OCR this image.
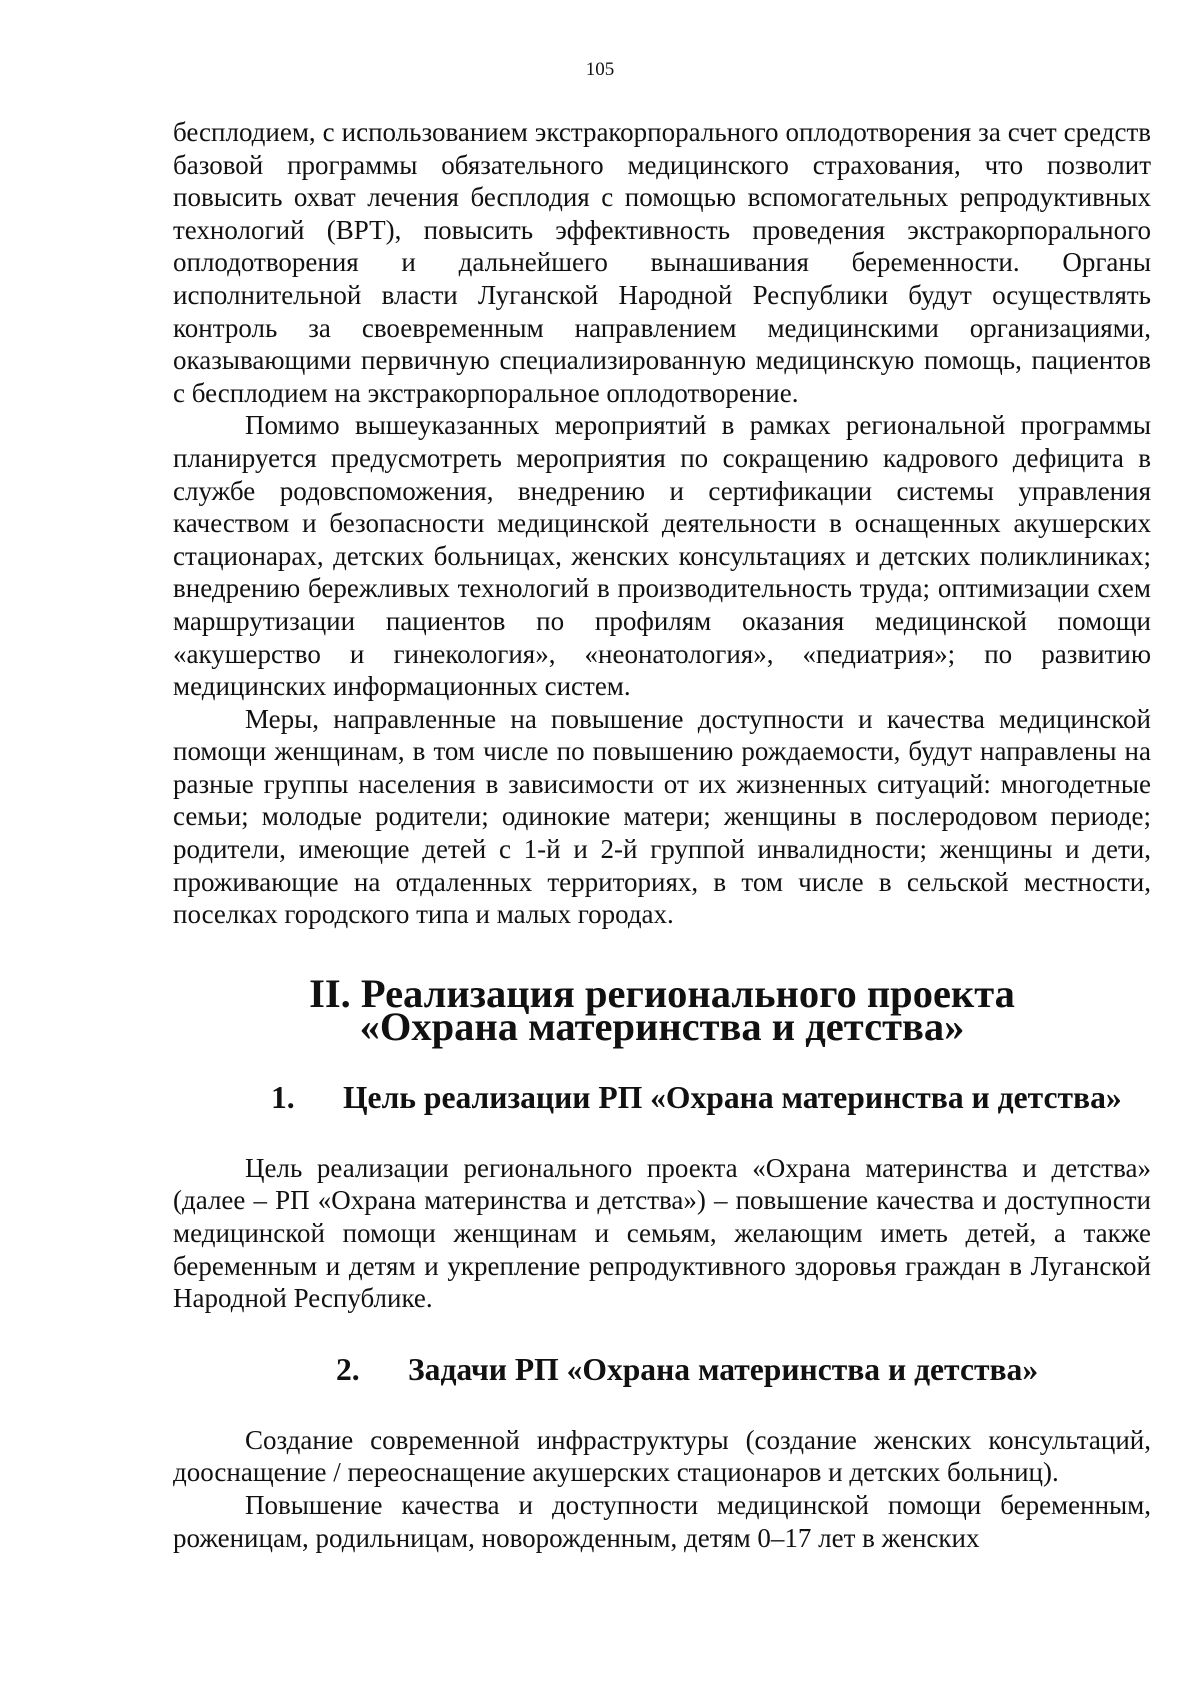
105

бесплодием, с использованием экстракорпорального оплодотворения за счет средств базовой программы обязательного медицинского страхования, что позволит повысить охват лечения бесплодия с помощью вспомогательных репродуктивных технологий (ВРТ), повысить эффективность проведения экстракорпорального оплодотворения и дальнейшего вынашивания беременности. Органы исполнительной власти Луганской Народной Республики будут осуществлять контроль за своевременным направлением медицинскими организациями, оказывающими первичную специализированную медицинскую помощь, пациентов с бесплодием на экстракорпоральное оплодотворение.

Помимо вышеуказанных мероприятий в рамках региональной программы планируется предусмотреть мероприятия по сокращению кадрового дефицита в службе родовспоможения, внедрению и сертификации системы управления качеством и безопасности медицинской деятельности в оснащенных акушерских стационарах, детских больницах, женских консультациях и детских поликлиниках; внедрению бережливых технологий в производительность труда; оптимизации схем маршрутизации пациентов по профилям оказания медицинской помощи «акушерство и гинекология», «неонатология», «педиатрия»; по развитию медицинских информационных систем.

Меры, направленные на повышение доступности и качества медицинской помощи женщинам, в том числе по повышению рождаемости, будут направлены на разные группы населения в зависимости от их жизненных ситуаций: многодетные семьи; молодые родители; одинокие матери; женщины в послеродовом периоде; родители, имеющие детей с 1-й и 2-й группой инвалидности; женщины и дети, проживающие на отдаленных территориях, в том числе в сельской местности, поселках городского типа и малых городах.

II. Реализация регионального проекта
«Охрана материнства и детства»
1. Цель реализации РП «Охрана материнства и детства»

Цель реализации регионального проекта «Охрана материнства и детства» (далее – РП «Охрана материнства и детства») – повышение качества и доступности медицинской помощи женщинам и семьям, желающим иметь детей, а также беременным и детям и укрепление репродуктивного здоровья граждан в Луганской Народной Республике.

2. Задачи РП «Охрана материнства и детства»

Создание современной инфраструктуры (создание женских консультаций, дооснащение / переоснащение акушерских стационаров и детских больниц).

Повышение качества и доступности медицинской помощи беременным, роженицам, родильницам, новорожденным, детям 0–17 лет в женских
